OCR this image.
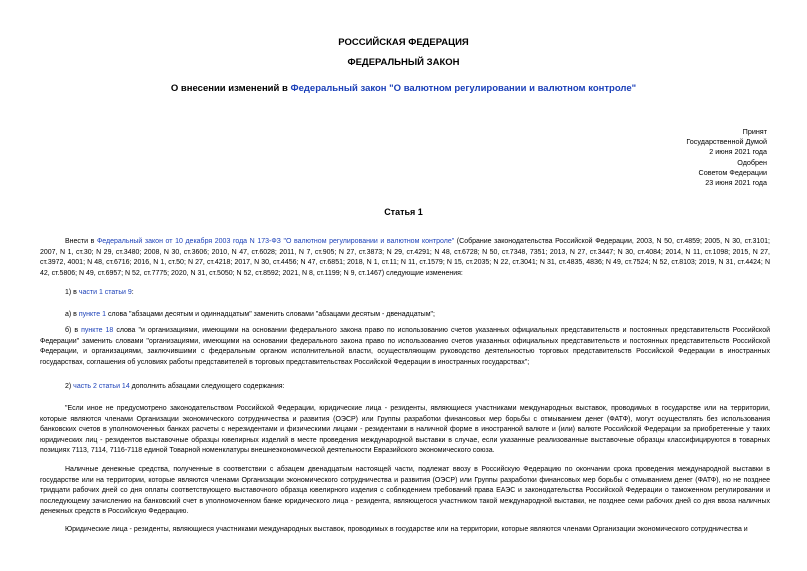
РОССИЙСКАЯ ФЕДЕРАЦИЯ
ФЕДЕРАЛЬНЫЙ ЗАКОН
О внесении изменений в Федеральный закон "О валютном регулировании и валютном контроле"
Принят
Государственной Думой
2 июня 2021 года
Одобрен
Советом Федерации
23 июня 2021 года
Статья 1

Внести в Федеральный закон от 10 декабря 2003 года N 173-ФЗ "О валютном регулировании и валютном контроле" (Собрание законодательства Российской Федерации, 2003, N 50, ст.4859; 2005, N 30, ст.3101; 2007, N 1, ст.30; N 29, ст.3480; 2008, N 30, ст.3606; 2010, N 47, ст.6028; 2011, N 7, ст.905; N 27, ст.3873; N 29, ст.4291; N 48, ст.6728; N 50, ст.7348, 7351; 2013, N 27, ст.3447; N 30, ст.4084; 2014, N 11, ст.1098; 2015, N 27, ст.3972, 4001; N 48, ст.6716; 2016, N 1, ст.50; N 27, ст.4218; 2017, N 30, ст.4456; N 47, ст.6851; 2018, N 1, ст.11; N 11, ст.1579; N 15, ст.2035; N 22, ст.3041; N 31, ст.4835, 4836; N 49, ст.7524; N 52, ст.8103; 2019, N 31, ст.4424; N 42, ст.5806; N 49, ст.6957; N 52, ст.7775; 2020, N 31, ст.5050; N 52, ст.8592; 2021, N 8, ст.1199; N 9, ст.1467) следующие изменения:

1) в части 1 статьи 9:

а) в пункте 1 слова "абзацами десятым и одиннадцатым" заменить словами "абзацами десятым - двенадцатым";

б) в пункте 18 слова "и организациями, имеющими на основании федерального закона право по использованию счетов указанных официальных представительств и постоянных представительств Российской Федерации" заменить словами "организациями, имеющими на основании федерального закона право по использованию счетов указанных официальных представительств и постоянных представительств Российской Федерации, и организациями, заключившими с федеральным органом исполнительной власти, осуществляющим руководство деятельностью торговых представительств Российской Федерации в иностранных государствах, соглашения об условиях работы представителей в торговых представительствах Российской Федерации в иностранных государствах";

2) часть 2 статьи 14 дополнить абзацами следующего содержания:

"Если иное не предусмотрено законодательством Российской Федерации, юридические лица - резиденты, являющиеся участниками международных выставок, проводимых в государстве или на территории, которые являются членами Организации экономического сотрудничества и развития (ОЭСР) или Группы разработки финансовых мер борьбы с отмыванием денег (ФАТФ), могут осуществлять без использования банковских счетов в уполномоченных банках расчеты с нерезидентами и физическими лицами - резидентами в наличной форме в иностранной валюте и (или) валюте Российской Федерации за приобретенные у таких юридических лиц - резидентов выставочные образцы ювелирных изделий в месте проведения международной выставки в случае, если указанные реализованные выставочные образцы классифицируются в товарных позициях 7113, 7114, 7116-7118 единой Товарной номенклатуры внешнеэкономической деятельности Евразийского экономического союза.

Наличные денежные средства, полученные в соответствии с абзацем двенадцатым настоящей части, подлежат ввозу в Российскую Федерацию по окончании срока проведения международной выставки в государстве или на территории, которые являются членами Организации экономического сотрудничества и развития (ОЭСР) или Группы разработки финансовых мер борьбы с отмыванием денег (ФАТФ), но не позднее тридцати рабочих дней со дня оплаты соответствующего выставочного образца ювелирного изделия с соблюдением требований права ЕАЭС и законодательства Российской Федерации о таможенном регулировании и последующему зачислению на банковский счет в уполномоченном банке юридического лица - резидента, являющегося участником такой международной выставки, не позднее семи рабочих дней со дня ввоза наличных денежных средств в Российскую Федерацию.

Юридические лица - резиденты, являющиеся участниками международных выставок, проводимых в государстве или на территории, которые являются членами Организации экономического сотрудничества и
